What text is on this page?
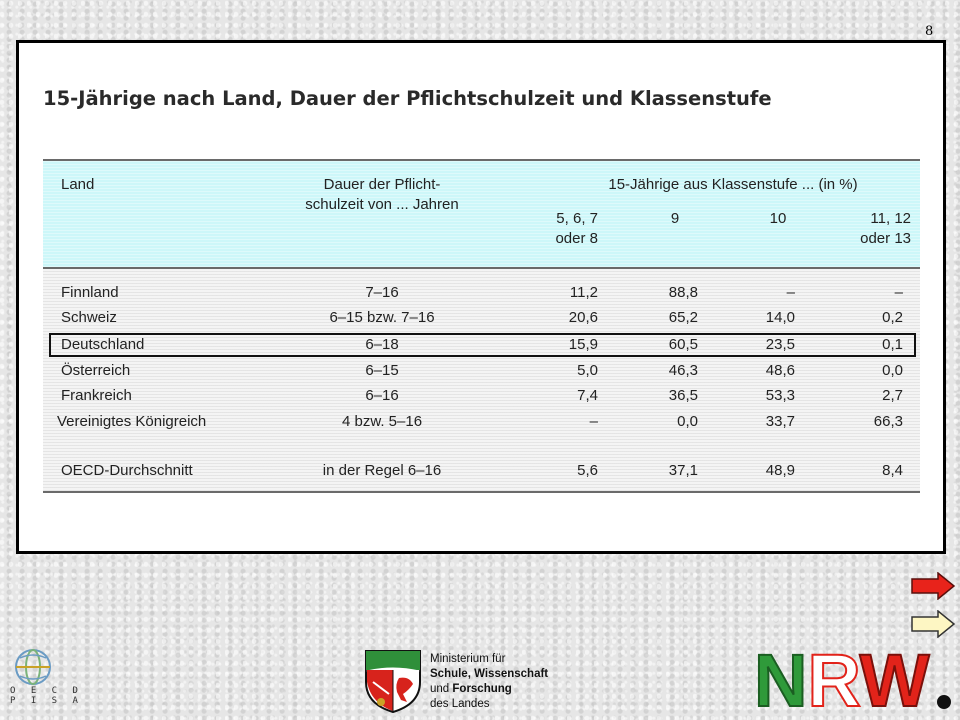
8
15-Jährige nach Land, Dauer der Pflichtschulzeit und Klassenstufe
Land	Dauer der Pflicht-
schulzeit von ... Jahren
15-Jährige aus Klassenstufe ... (in %)
5, 6, 7
oder 8
9	10	11, 12
oder 13
Finnland	7–16	11,2	88,8	–	–
Schweiz	6–15 bzw. 7–16	20,6	65,2	14,0	0,2
Deutschland	6–18	15,9	60,5	23,5	0,1
Österreich	6–15	5,0	46,3	48,6	0,0
Frankreich	6–16	7,4	36,5	53,3	2,7
Vereinigtes Königreich	4 bzw. 5–16	–	0,0	33,7	66,3
OECD-Durchschnitt	in der Regel 6–16	5,6	37,1	48,9	8,4
O E C D
P I S A
Ministerium für
Schule, Wissenschaft
und Forschung
des Landes	NRW
